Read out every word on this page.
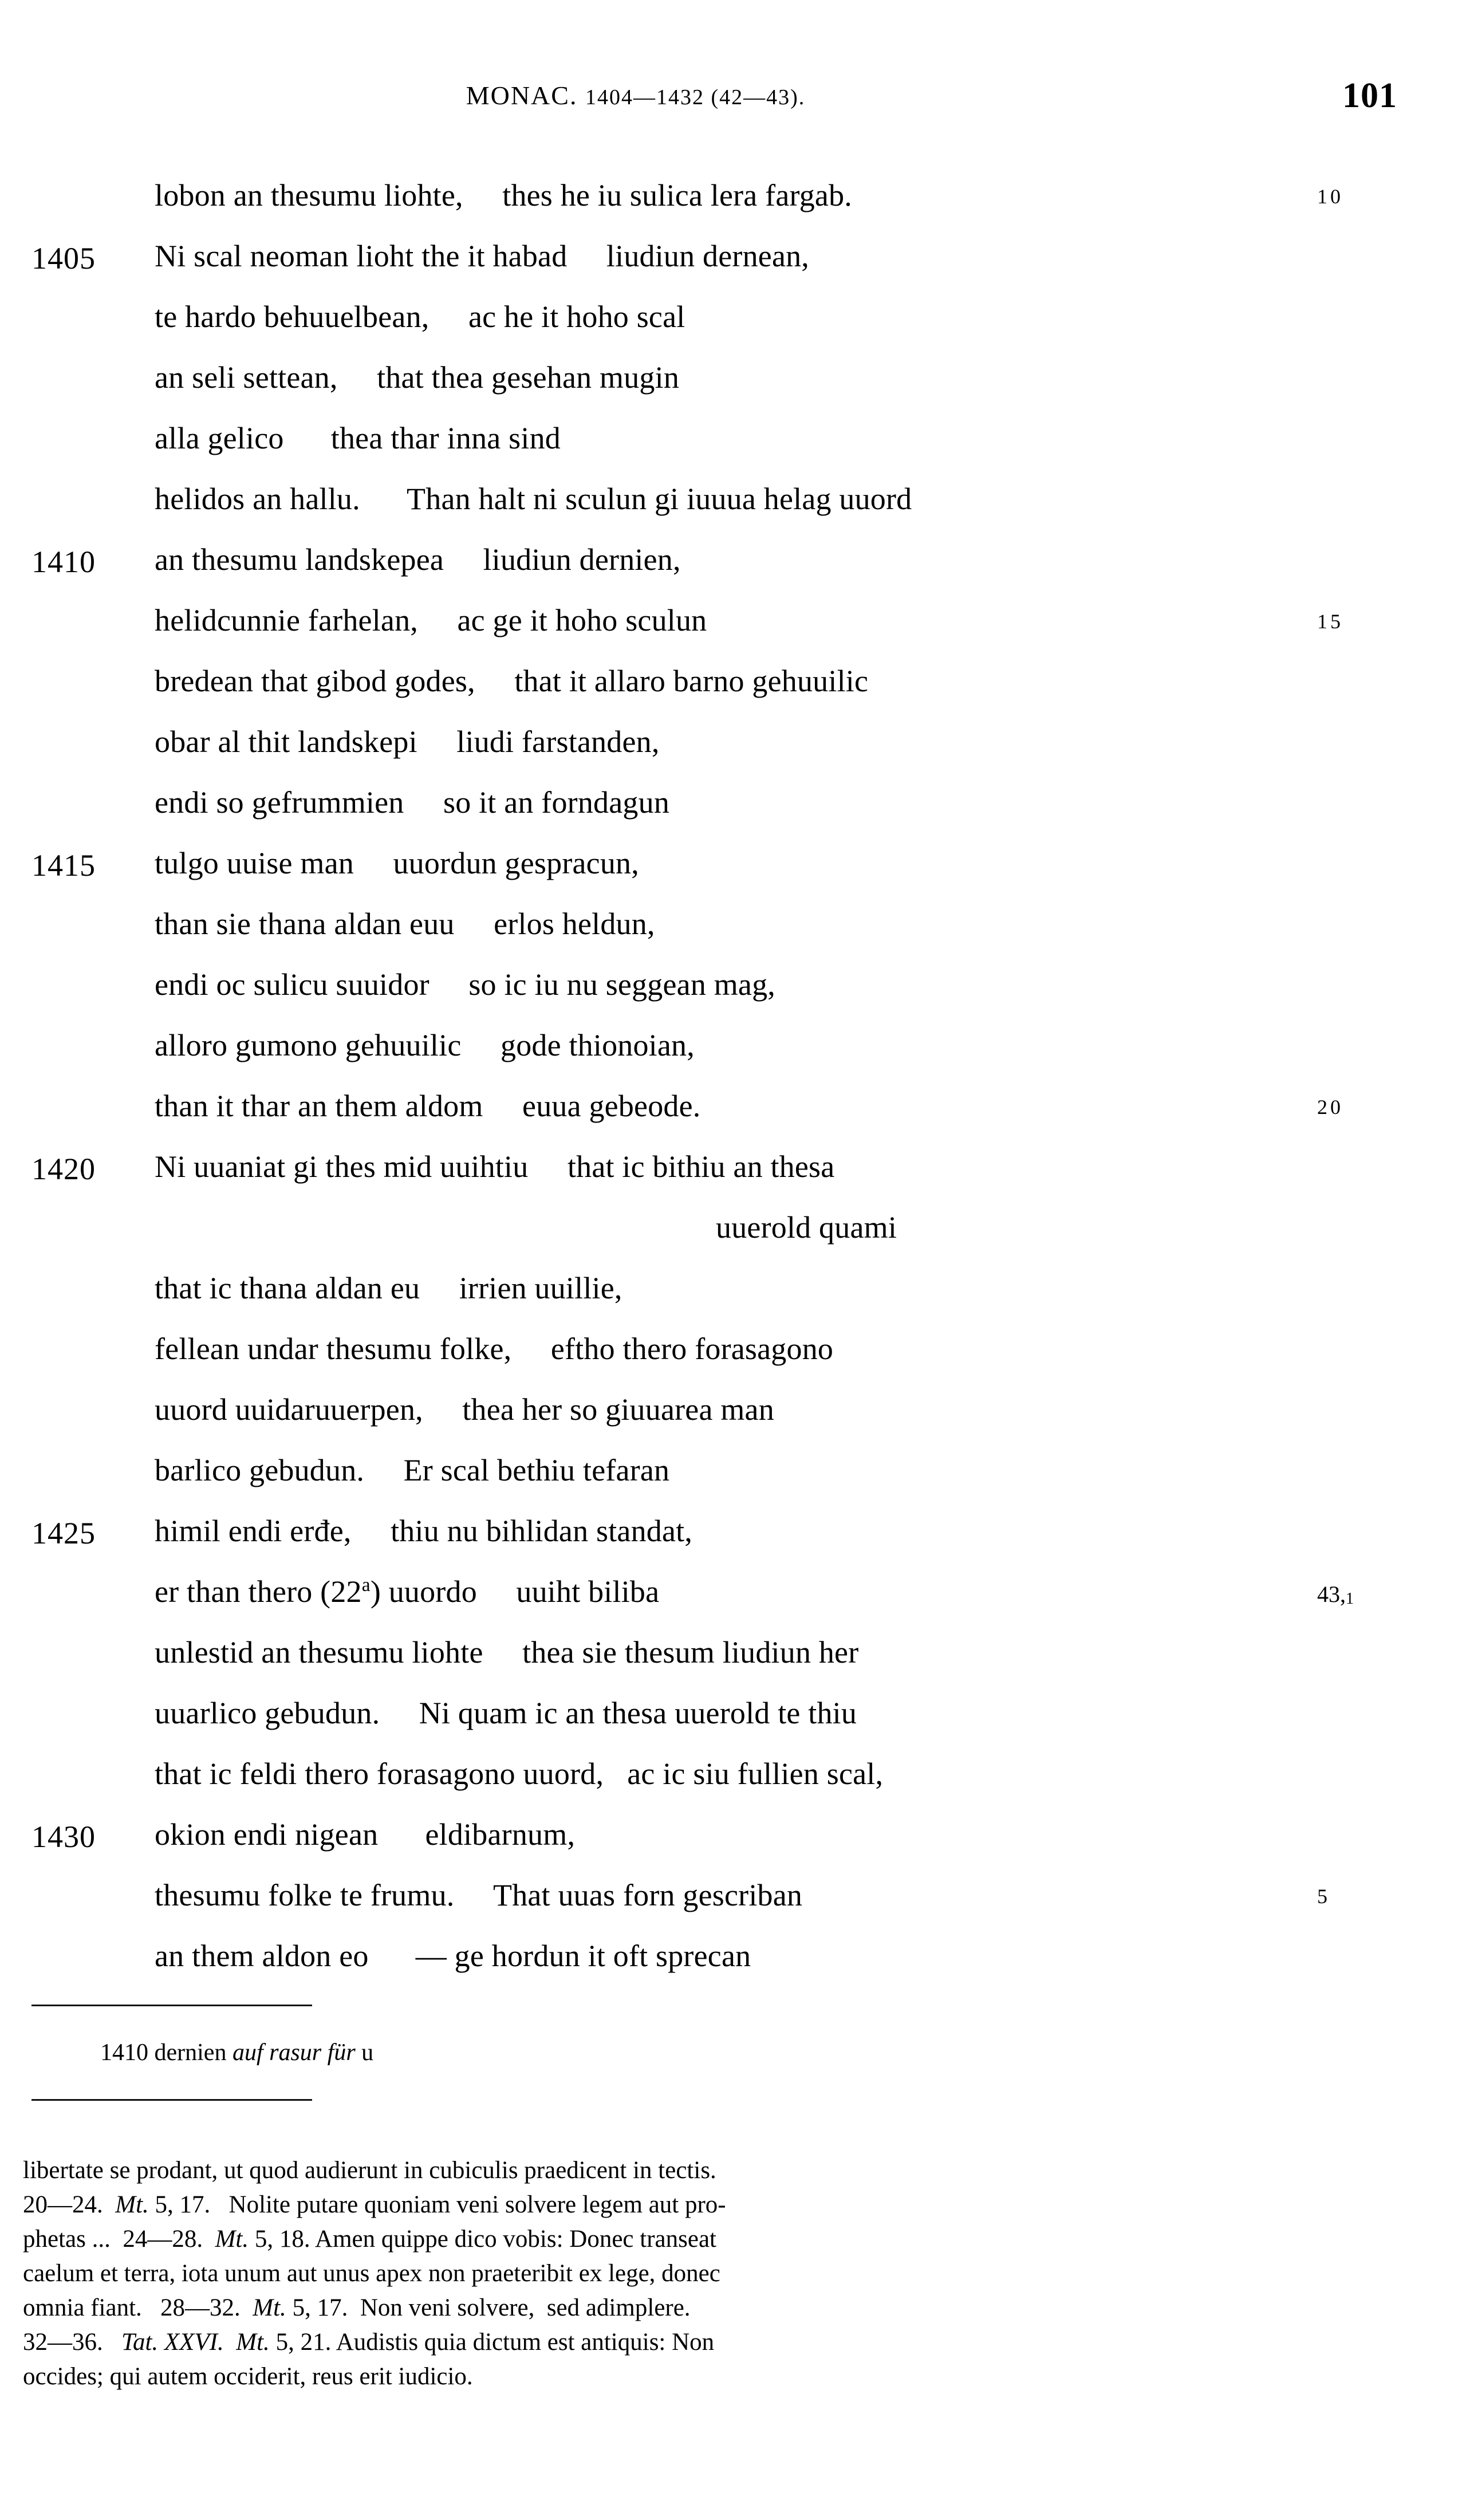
MONAC. 1404—1432 (42—43).	101
lobon an thesumu liohte,     thes he iu sulica lera fargab.	10
1405	Ni scal neoman lioht the it habad     liudiun dernean,
te hardo behuuelbean,     ac he it hoho scal
an seli settean,     that thea gesehan mugin
alla gelico      thea thar inna sind
helidos an hallu.      Than halt ni sculun gi iuuua helag uuord
1410	an thesumu landskepea     liudiun dernien,
helidcunnie farhelan,     ac ge it hoho sculun	15
bredean that gibod godes,     that it allaro barno gehuuilic
obar al thit landskepi     liudi farstanden,
endi so gefrummien     so it an forndagun
1415	tulgo uuise man     uuordun gespracun,
than sie thana aldan euu     erlos heldun,
endi oc sulicu suuidor     so ic iu nu seggean mag,
alloro gumono gehuuilic     gode thionoian,
than it thar an them aldom     euua gebeode.	20
1420	Ni uuaniat gi thes mid uuihtiu     that ic bithiu an thesa
uuerold quami
that ic thana aldan eu     irrien uuillie,
fellean undar thesumu folke,     eftho thero forasagono
uuord uuidaruuerpen,     thea her so giuuarea man
barlico gebudun.     Er scal bethiu tefaran
1425	himil endi erđe,     thiu nu bihlidan standat,
er than thero (22$^a$) uuordo     uuiht biliba	43,1
unlestid an thesumu liohte     thea sie thesum liudiun her
uuarlico gebudun.     Ni quam ic an thesa uuerold te thiu
that ic feldi thero forasagono uuord,   ac ic siu fullien scal,
1430	okion endi nigean      eldibarnum,
thesumu folke te frumu.     That uuas forn gescriban	5
an them aldon eo      — ge hordun it oft sprecan
1410 dernien auf rasur für u
libertate se prodant, ut quod audierunt in cubiculis praedicent in tectis.
20—24.  Mt. 5, 17.   Nolite putare quoniam veni solvere legem aut pro-
phetas ...  24—28.  Mt. 5, 18. Amen quippe dico vobis: Donec transeat
caelum et terra, iota unum aut unus apex non praeteribit ex lege, donec
omnia fiant.   28—32.  Mt. 5, 17.  Non veni solvere,  sed adimplere.
32—36.   Tat. XXVI.  Mt. 5, 21. Audistis quia dictum est antiquis: Non
occides; qui autem occiderit, reus erit iudicio.
